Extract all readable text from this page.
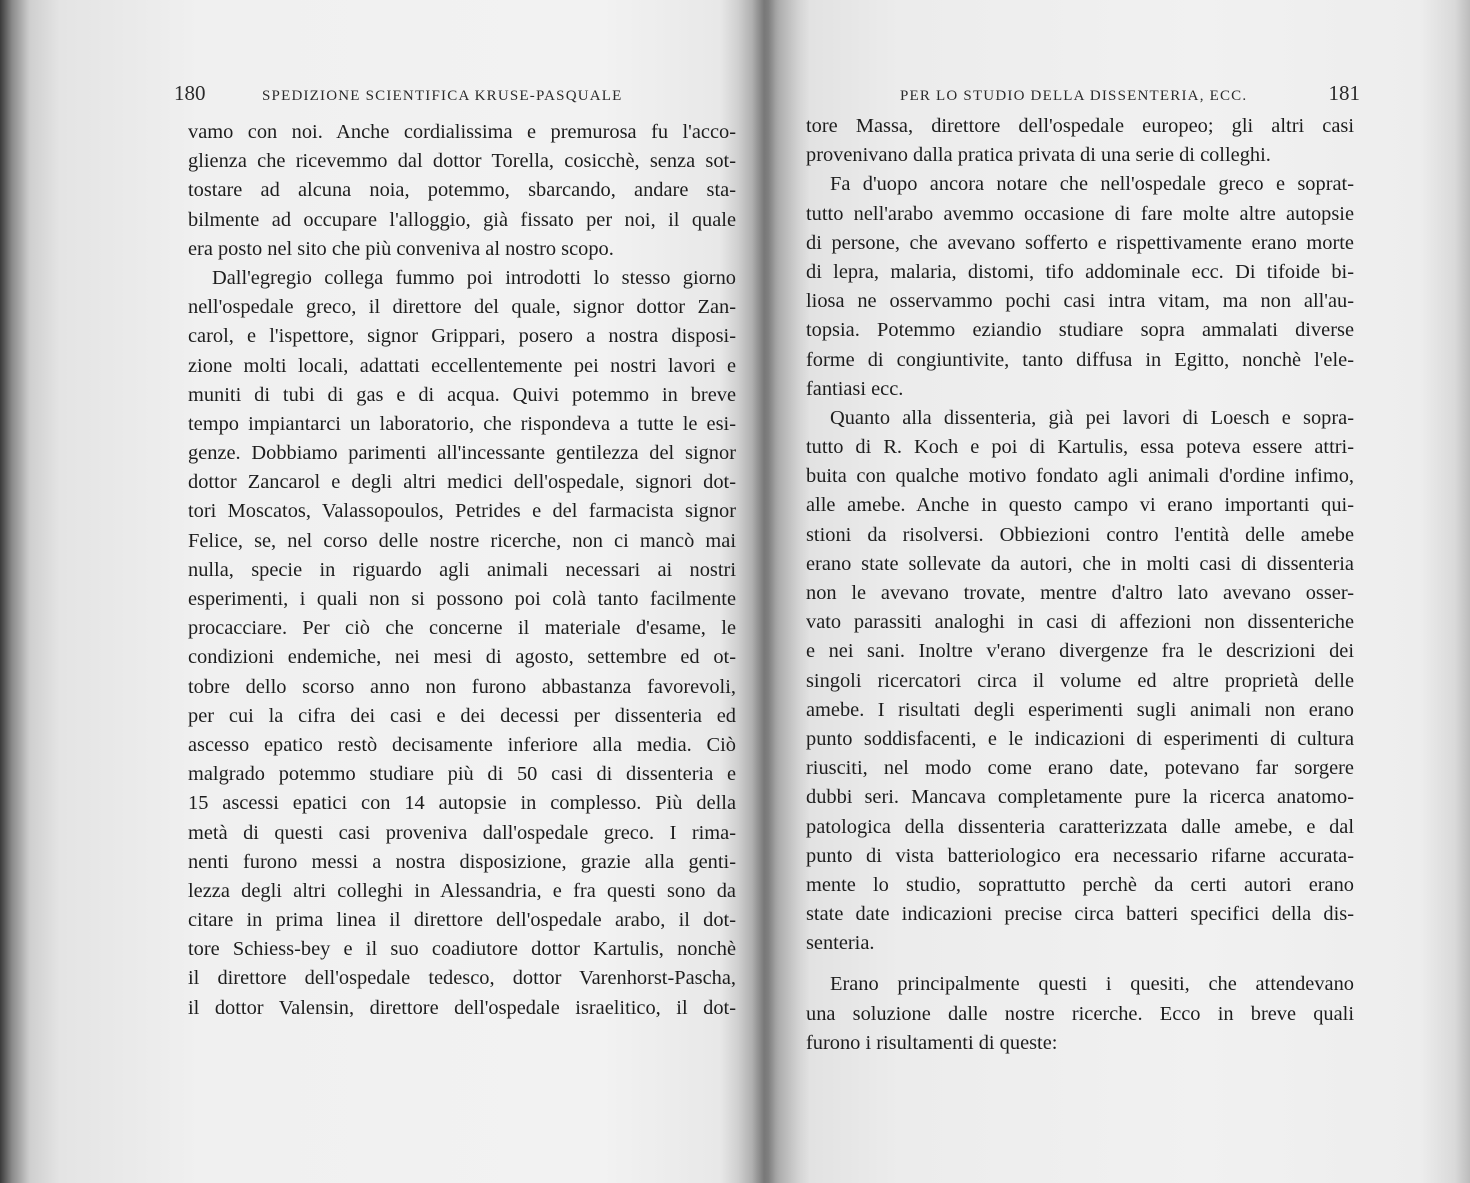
180	SPEDIZIONE SCIENTIFICA KRUSE-PASQUALE

vamo con noi. Anche cordialissima e premurosa fu l'acco-
glienza che ricevemmo dal dottor Torella, cosicchè, senza sot-
tostare ad alcuna noia, potemmo, sbarcando, andare sta-
bilmente ad occupare l'alloggio, già fissato per noi, il quale
era posto nel sito che più conveniva al nostro scopo.

Dall'egregio collega fummo poi introdotti lo stesso giorno
nell'ospedale greco, il direttore del quale, signor dottor Zan-
carol, e l'ispettore, signor Grippari, posero a nostra disposi-
zione molti locali, adattati eccellentemente pei nostri lavori e
muniti di tubi di gas e di acqua. Quivi potemmo in breve
tempo impiantarci un laboratorio, che rispondeva a tutte le esi-
genze. Dobbiamo parimenti all'incessante gentilezza del signor
dottor Zancarol e degli altri medici dell'ospedale, signori dot-
tori Moscatos, Valassopoulos, Petrides e del farmacista signor
Felice, se, nel corso delle nostre ricerche, non ci mancò mai
nulla, specie in riguardo agli animali necessari ai nostri
esperimenti, i quali non si possono poi colà tanto facilmente
procacciare. Per ciò che concerne il materiale d'esame, le
condizioni endemiche, nei mesi di agosto, settembre ed ot-
tobre dello scorso anno non furono abbastanza favorevoli,
per cui la cifra dei casi e dei decessi per dissenteria ed
ascesso epatico restò decisamente inferiore alla media. Ciò
malgrado potemmo studiare più di 50 casi di dissenteria e
15 ascessi epatici con 14 autopsie in complesso. Più della
metà di questi casi proveniva dall'ospedale greco. I rima-
nenti furono messi a nostra disposizione, grazie alla genti-
lezza degli altri colleghi in Alessandria, e fra questi sono da
citare in prima linea il direttore dell'ospedale arabo, il dot-
tore Schiess-bey e il suo coadiutore dottor Kartulis, nonchè
il direttore dell'ospedale tedesco, dottor Varenhorst-Pascha,
il dottor Valensin, direttore dell'ospedale israelitico, il dot-

PER LO STUDIO DELLA DISSENTERIA, ECC.	181

tore Massa, direttore dell'ospedale europeo; gli altri casi
provenivano dalla pratica privata di una serie di colleghi.

Fa d'uopo ancora notare che nell'ospedale greco e soprat-
tutto nell'arabo avemmo occasione di fare molte altre autopsie
di persone, che avevano sofferto e rispettivamente erano morte
di lepra, malaria, distomi, tifo addominale ecc. Di tifoide bi-
liosa ne osservammo pochi casi intra vitam, ma non all'au-
topsia. Potemmo eziandio studiare sopra ammalati diverse
forme di congiuntivite, tanto diffusa in Egitto, nonchè l'ele-
fantiasi ecc.

Quanto alla dissenteria, già pei lavori di Loesch e sopra-
tutto di R. Koch e poi di Kartulis, essa poteva essere attri-
buita con qualche motivo fondato agli animali d'ordine infimo,
alle amebe. Anche in questo campo vi erano importanti qui-
stioni da risolversi. Obbiezioni contro l'entità delle amebe
erano state sollevate da autori, che in molti casi di dissenteria
non le avevano trovate, mentre d'altro lato avevano osser-
vato parassiti analoghi in casi di affezioni non dissenteriche
e nei sani. Inoltre v'erano divergenze fra le descrizioni dei
singoli ricercatori circa il volume ed altre proprietà delle
amebe. I risultati degli esperimenti sugli animali non erano
punto soddisfacenti, e le indicazioni di esperimenti di cultura
riusciti, nel modo come erano date, potevano far sorgere
dubbi seri. Mancava completamente pure la ricerca anatomo-
patologica della dissenteria caratterizzata dalle amebe, e dal
punto di vista batteriologico era necessario rifarne accurata-
mente lo studio, soprattutto perchè da certi autori erano
state date indicazioni precise circa batteri specifici della dis-
senteria.

Erano principalmente questi i quesiti, che attendevano
una soluzione dalle nostre ricerche. Ecco in breve quali
furono i risultamenti di queste:
